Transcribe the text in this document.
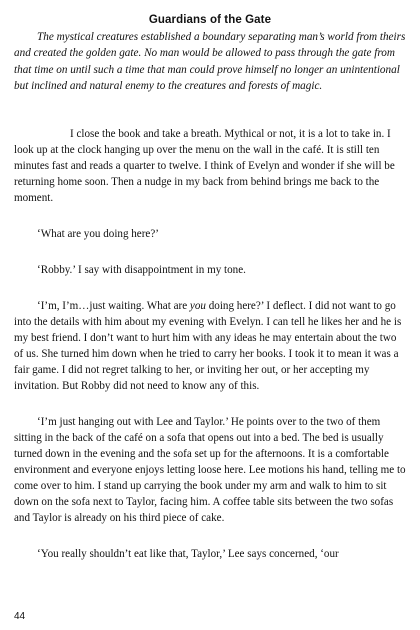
Guardians of the Gate

The mystical creatures established a boundary separating man’s world from theirs and created the golden gate. No man would be allowed to pass through the gate from that time on until such a time that man could prove himself no longer an unintentional but inclined and natural enemy to the creatures and forests of magic.

I close the book and take a breath. Mythical or not, it is a lot to take in. I look up at the clock hanging up over the menu on the wall in the café. It is still ten minutes fast and reads a quarter to twelve. I think of Evelyn and wonder if she will be returning home soon. Then a nudge in my back from behind brings me back to the moment.

‘What are you doing here?’

‘Robby.’ I say with disappointment in my tone.

‘I’m, I’m…just waiting. What are you doing here?’ I deflect. I did not want to go into the details with him about my evening with Evelyn. I can tell he likes her and he is my best friend. I don’t want to hurt him with any ideas he may entertain about the two of us. She turned him down when he tried to carry her books. I took it to mean it was a fair game. I did not regret talking to her, or inviting her out, or her accepting my invitation. But Robby did not need to know any of this.

‘I’m just hanging out with Lee and Taylor.’ He points over to the two of them sitting in the back of the café on a sofa that opens out into a bed. The bed is usually turned down in the evening and the sofa set up for the afternoons. It is a comfortable environment and everyone enjoys letting loose here. Lee motions his hand, telling me to come over to him. I stand up carrying the book under my arm and walk to him to sit down on the sofa next to Taylor, facing him. A coffee table sits between the two sofas and Taylor is already on his third piece of cake.

‘You really shouldn’t eat like that, Taylor,’ Lee says concerned, ‘our

44
